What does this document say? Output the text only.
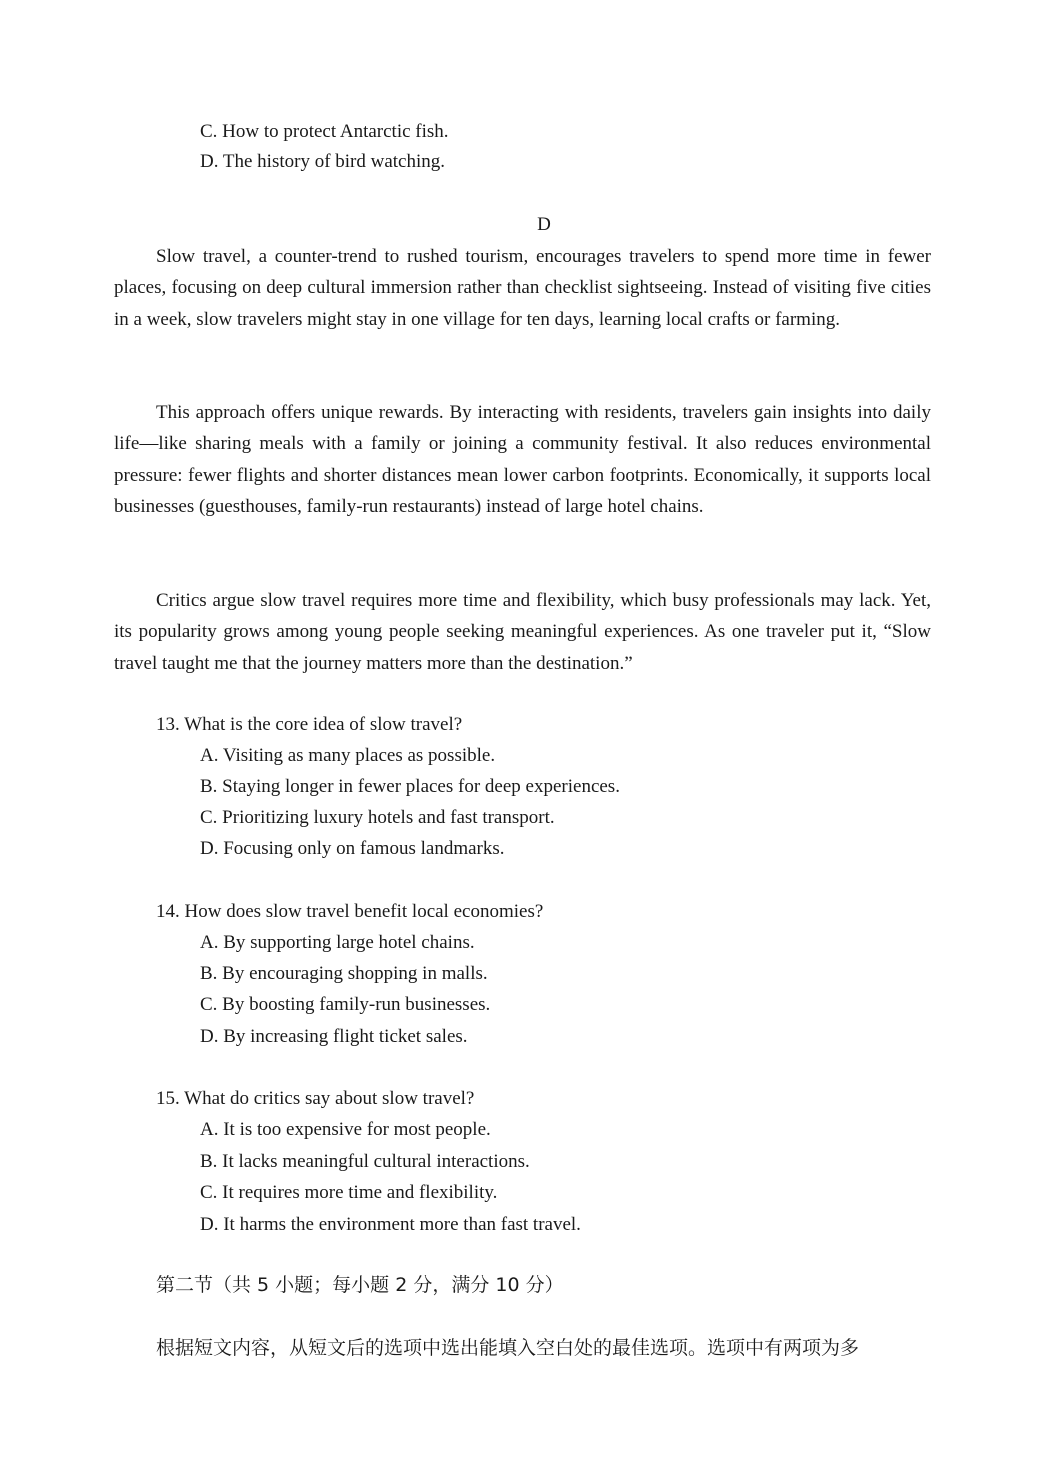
C. How to protect Antarctic fish.
D. The history of bird watching.
D
Slow travel, a counter-trend to rushed tourism, encourages travelers to spend more time in fewer places, focusing on deep cultural immersion rather than checklist sightseeing. Instead of visiting five cities in a week, slow travelers might stay in one village for ten days, learning local crafts or farming.
This approach offers unique rewards. By interacting with residents, travelers gain insights into daily life—like sharing meals with a family or joining a community festival. It also reduces environmental pressure: fewer flights and shorter distances mean lower carbon footprints. Economically, it supports local businesses (guesthouses, family-run restaurants) instead of large hotel chains.
Critics argue slow travel requires more time and flexibility, which busy professionals may lack. Yet, its popularity grows among young people seeking meaningful experiences. As one traveler put it, “Slow travel taught me that the journey matters more than the destination.”
13. What is the core idea of slow travel?
A. Visiting as many places as possible.
B. Staying longer in fewer places for deep experiences.
C. Prioritizing luxury hotels and fast transport.
D. Focusing only on famous landmarks.
14. How does slow travel benefit local economies?
A. By supporting large hotel chains.
B. By encouraging shopping in malls.
C. By boosting family-run businesses.
D. By increasing flight ticket sales.
15. What do critics say about slow travel?
A. It is too expensive for most people.
B. It lacks meaningful cultural interactions.
C. It requires more time and flexibility.
D. It harms the environment more than fast travel.
第二节（共 5 小题；每小题 2 分，满分 10 分）
根据短文内容，从短文后的选项中选出能填入空白处的最佳选项。选项中有两项为多
